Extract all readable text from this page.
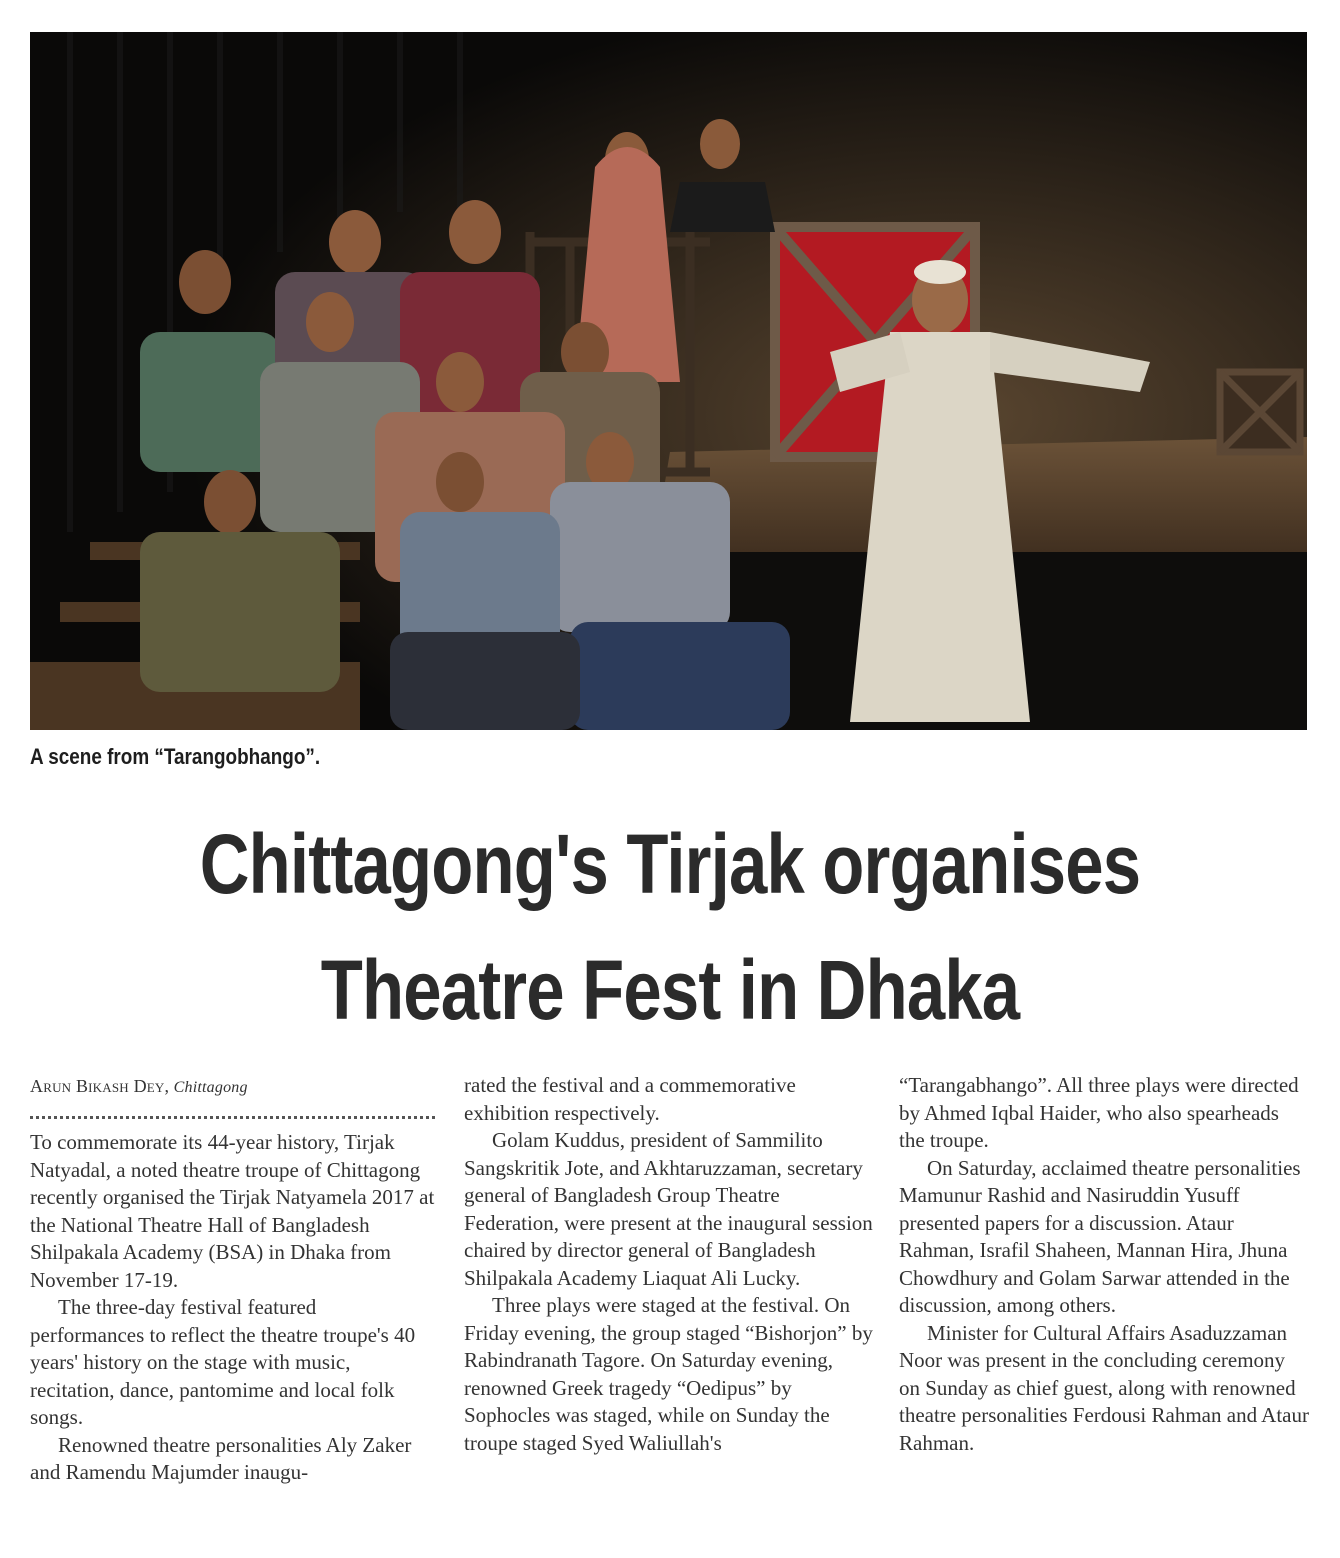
A scene from “Tarangobhango”.
Chittagong's Tirjak organises
Theatre Fest in Dhaka
Arun Bikash Dey, Chittagong

To commemorate its 44-year history, Tirjak Natyadal, a noted theatre troupe of Chittagong recently organised the Tirjak Natyamela 2017 at the National Theatre Hall of Bangladesh Shilpakala Academy (BSA) in Dhaka from November 17-19.

The three-day festival featured performances to reflect the theatre troupe's 40 years' history on the stage with music, recitation, dance, pantomime and local folk songs.

Renowned theatre personalities Aly Zaker and Ramendu Majumder inaugu-

rated the festival and a commemorative exhibition respectively.

Golam Kuddus, president of Sammilito Sangskritik Jote, and Akhtaruzzaman, secretary general of Bangladesh Group Theatre Federation, were present at the inaugural session chaired by director general of Bangladesh Shilpakala Academy Liaquat Ali Lucky.

Three plays were staged at the festival. On Friday evening, the group staged “Bishorjon” by Rabindranath Tagore. On Saturday evening, renowned Greek tragedy “Oedipus” by Sophocles was staged, while on Sunday the troupe staged Syed Waliullah's

“Tarangabhango”. All three plays were directed by Ahmed Iqbal Haider, who also spearheads the troupe.

On Saturday, acclaimed theatre personalities Mamunur Rashid and Nasiruddin Yusuff presented papers for a discussion. Ataur Rahman, Israfil Shaheen, Mannan Hira, Jhuna Chowdhury and Golam Sarwar attended in the discussion, among others.

Minister for Cultural Affairs Asaduzzaman Noor was present in the concluding ceremony on Sunday as chief guest, along with renowned theatre personalities Ferdousi Rahman and Ataur Rahman.
